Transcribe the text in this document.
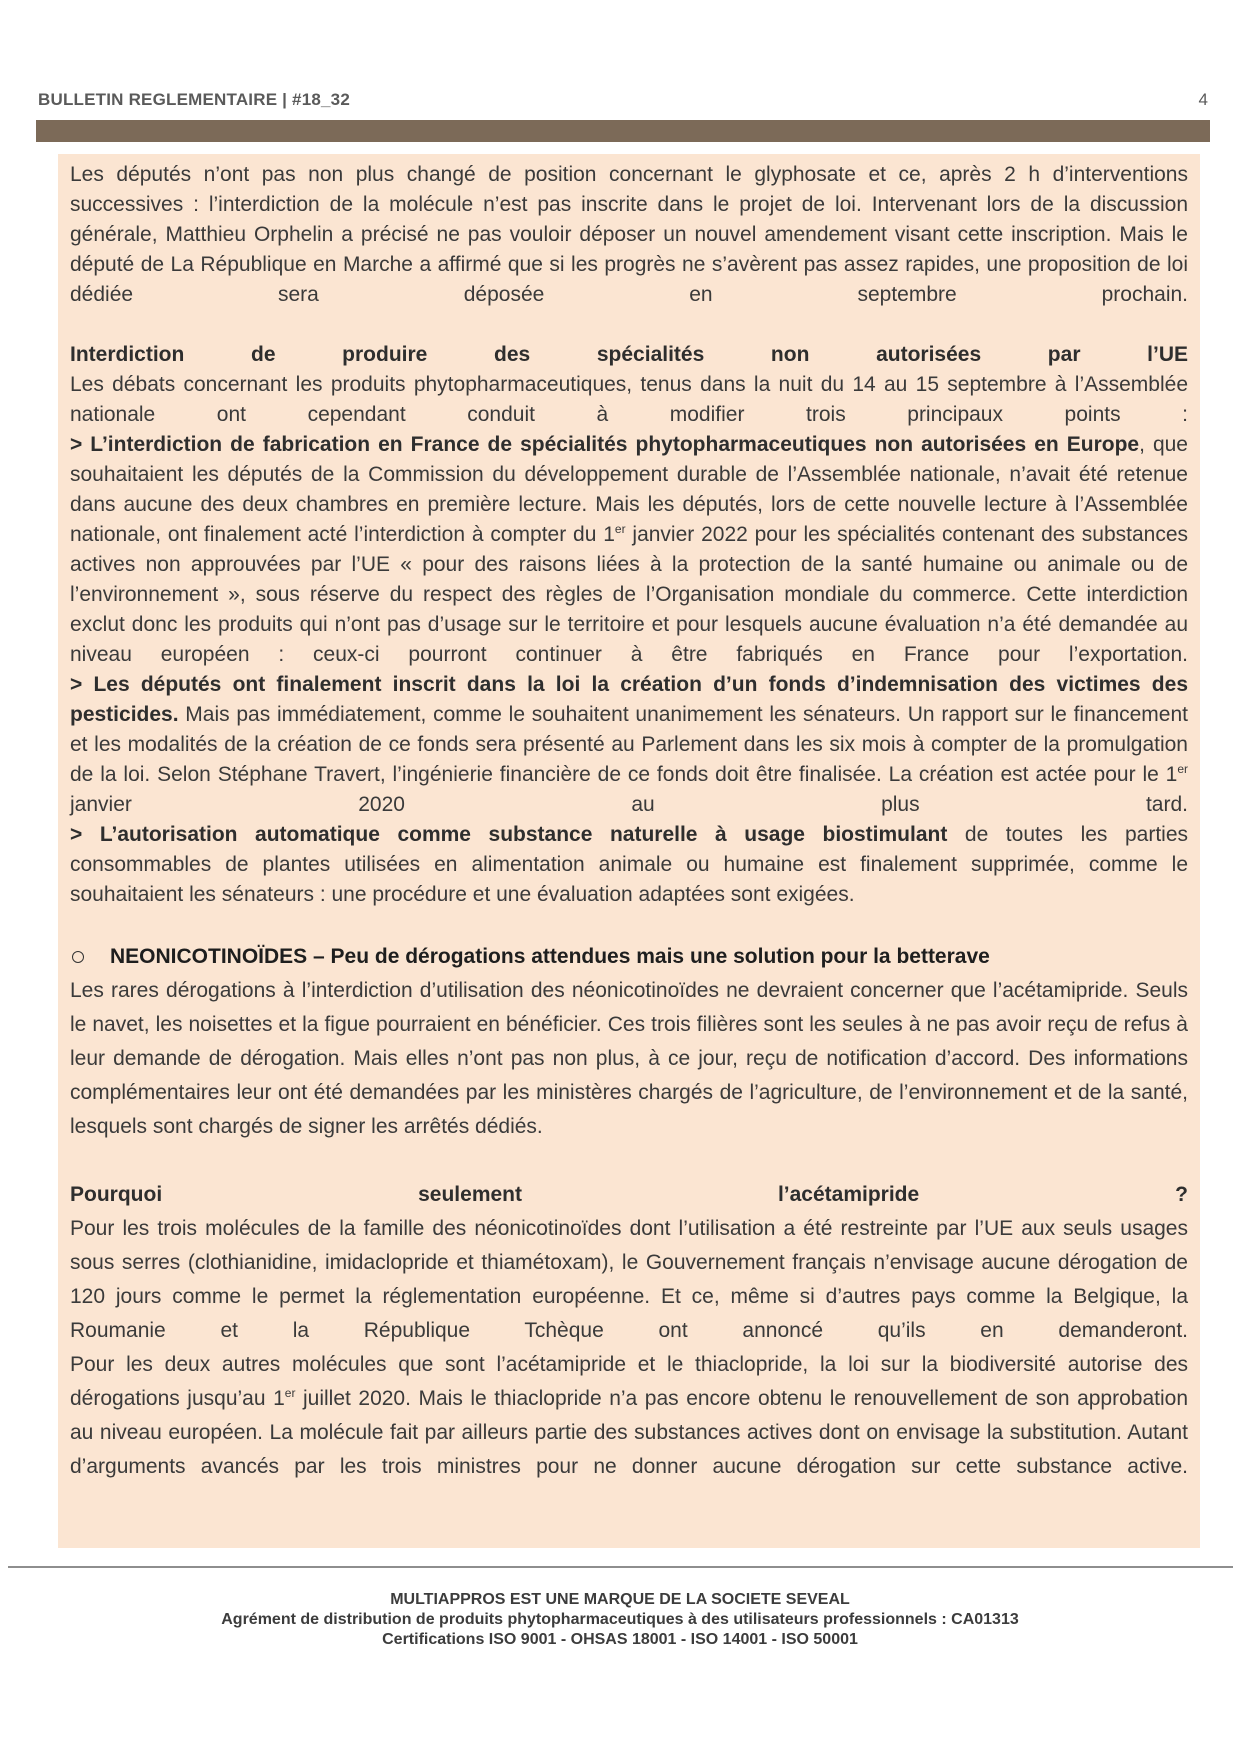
BULLETIN REGLEMENTAIRE | #18_32	4

Les députés n’ont pas non plus changé de position concernant le glyphosate et ce, après 2 h d’interventions successives : l’interdiction de la molécule n’est pas inscrite dans le projet de loi. Intervenant lors de la discussion générale, Matthieu Orphelin a précisé ne pas vouloir déposer un nouvel amendement visant cette inscription. Mais le député de La République en Marche a affirmé que si les progrès ne s’avèrent pas assez rapides, une proposition de loi dédiée sera déposée en septembre prochain.

Interdiction de produire des spécialités non autorisées par l’UE

Les débats concernant les produits phytopharmaceutiques, tenus dans la nuit du 14 au 15 septembre à l’Assemblée nationale ont cependant conduit à modifier trois principaux points :

> L’interdiction de fabrication en France de spécialités phytopharmaceutiques non autorisées en Europe, que souhaitaient les députés de la Commission du développement durable de l’Assemblée nationale, n’avait été retenue dans aucune des deux chambres en première lecture. Mais les députés, lors de cette nouvelle lecture à l’Assemblée nationale, ont finalement acté l’interdiction à compter du 1er janvier 2022 pour les spécialités contenant des substances actives non approuvées par l’UE « pour des raisons liées à la protection de la santé humaine ou animale ou de l’environnement », sous réserve du respect des règles de l’Organisation mondiale du commerce. Cette interdiction exclut donc les produits qui n’ont pas d’usage sur le territoire et pour lesquels aucune évaluation n’a été demandée au niveau européen : ceux-ci pourront continuer à être fabriqués en France pour l’exportation.

> Les députés ont finalement inscrit dans la loi la création d’un fonds d’indemnisation des victimes des pesticides. Mais pas immédiatement, comme le souhaitent unanimement les sénateurs. Un rapport sur le financement et les modalités de la création de ce fonds sera présenté au Parlement dans les six mois à compter de la promulgation de la loi. Selon Stéphane Travert, l’ingénierie financière de ce fonds doit être finalisée. La création est actée pour le 1er janvier 2020 au plus tard.

> L’autorisation automatique comme substance naturelle à usage biostimulant de toutes les parties consommables de plantes utilisées en alimentation animale ou humaine est finalement supprimée, comme le souhaitaient les sénateurs : une procédure et une évaluation adaptées sont exigées.

NEONICOTINOÏDES – Peu de dérogations attendues mais une solution pour la betterave

Les rares dérogations à l’interdiction d’utilisation des néonicotinoïdes ne devraient concerner que l’acétamipride. Seuls le navet, les noisettes et la figue pourraient en bénéficier. Ces trois filières sont les seules à ne pas avoir reçu de refus à leur demande de dérogation. Mais elles n’ont pas non plus, à ce jour, reçu de notification d’accord. Des informations complémentaires leur ont été demandées par les ministères chargés de l’agriculture, de l’environnement et de la santé, lesquels sont chargés de signer les arrêtés dédiés.

Pourquoi seulement l’acétamipride ?

Pour les trois molécules de la famille des néonicotinoïdes dont l’utilisation a été restreinte par l’UE aux seuls usages sous serres (clothianidine, imidaclopride et thiamétoxam), le Gouvernement français n’envisage aucune dérogation de 120 jours comme le permet la réglementation européenne. Et ce, même si d’autres pays comme la Belgique, la Roumanie et la République Tchèque ont annoncé qu’ils en demanderont.

Pour les deux autres molécules que sont l’acétamipride et le thiaclopride, la loi sur la biodiversité autorise des dérogations jusqu’au 1er juillet 2020. Mais le thiaclopride n’a pas encore obtenu le renouvellement de son approbation au niveau européen. La molécule fait par ailleurs partie des substances actives dont on envisage la substitution. Autant d’arguments avancés par les trois ministres pour ne donner aucune dérogation sur cette substance active.

MULTIAPPROS EST UNE MARQUE DE LA SOCIETE SEVEAL
Agrément de distribution de produits phytopharmaceutiques à des utilisateurs professionnels : CA01313
Certifications ISO 9001 - OHSAS 18001 - ISO 14001 - ISO 50001
